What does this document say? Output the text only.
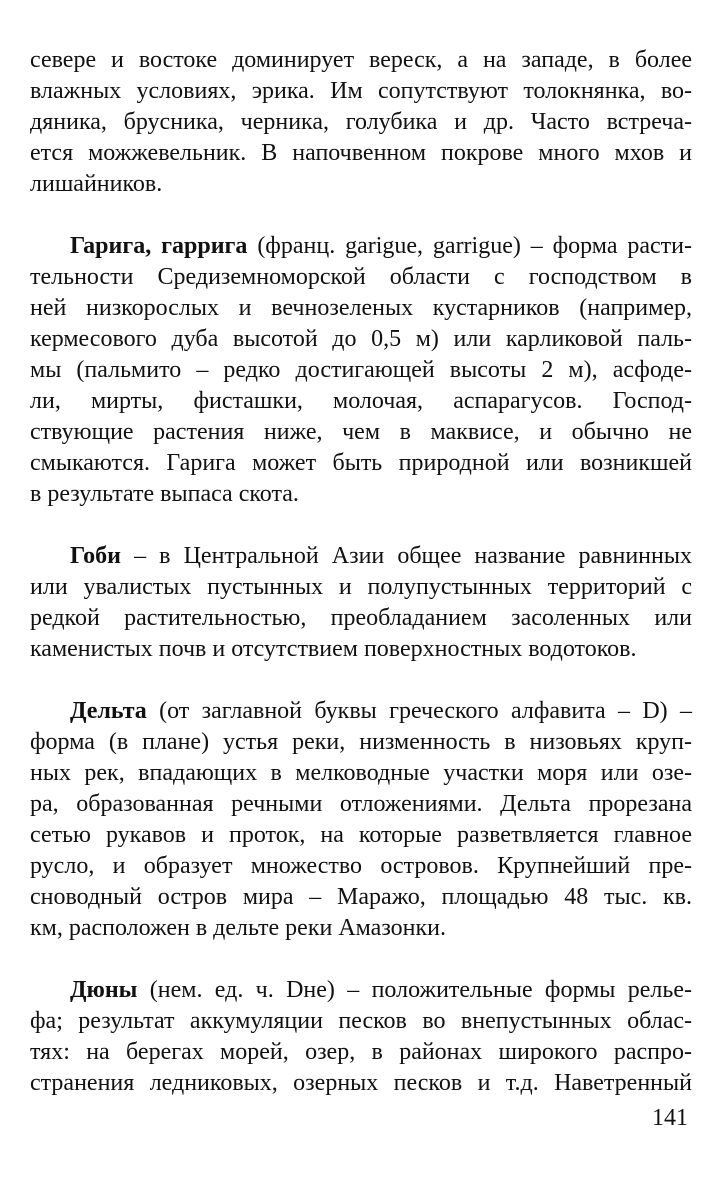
севере и востоке доминирует вереск, а на западе, в более
влажных условиях, эрика. Им сопутствуют толокнянка, во-
дяника, брусника, черника, голубика и др. Часто встреча-
ется можжевельник. В напочвенном покрове много мхов и
лишайников.
Гарига, гаррига (франц. garigue, garrigue) – форма расти-
тельности Средиземноморской области с господством в
ней низкорослых и вечнозеленых кустарников (например,
кермесового дуба высотой до 0,5 м) или карликовой паль-
мы (пальмито – редко достигающей высоты 2 м), асфоде-
ли, мирты, фисташки, молочая, аспарагусов. Господ-
ствующие растения ниже, чем в маквисе, и обычно не
смыкаются. Гарига может быть природной или возникшей
в результате выпаса скота.
Гоби – в Центральной Азии общее название равнинных
или увалистых пустынных и полупустынных территорий с
редкой растительностью, преобладанием засоленных или
каменистых почв и отсутствием поверхностных водотоков.
Дельта (от заглавной буквы греческого алфавита – D) –
форма (в плане) устья реки, низменность в низовьях круп-
ных рек, впадающих в мелководные участки моря или озе-
ра, образованная речными отложениями. Дельта прорезана
сетью рукавов и проток, на которые разветвляется главное
русло, и образует множество островов. Крупнейший пре-
сноводный остров мира – Маражо, площадью 48 тыс. кв.
км, расположен в дельте реки Амазонки.
Дюны (нем. ед. ч. Dнe) – положительные формы релье-
фа; результат аккумуляции песков во внепустынных облас-
тях: на берегах морей, озер, в районах широкого распро-
странения ледниковых, озерных песков и т.д. Наветренный
141
